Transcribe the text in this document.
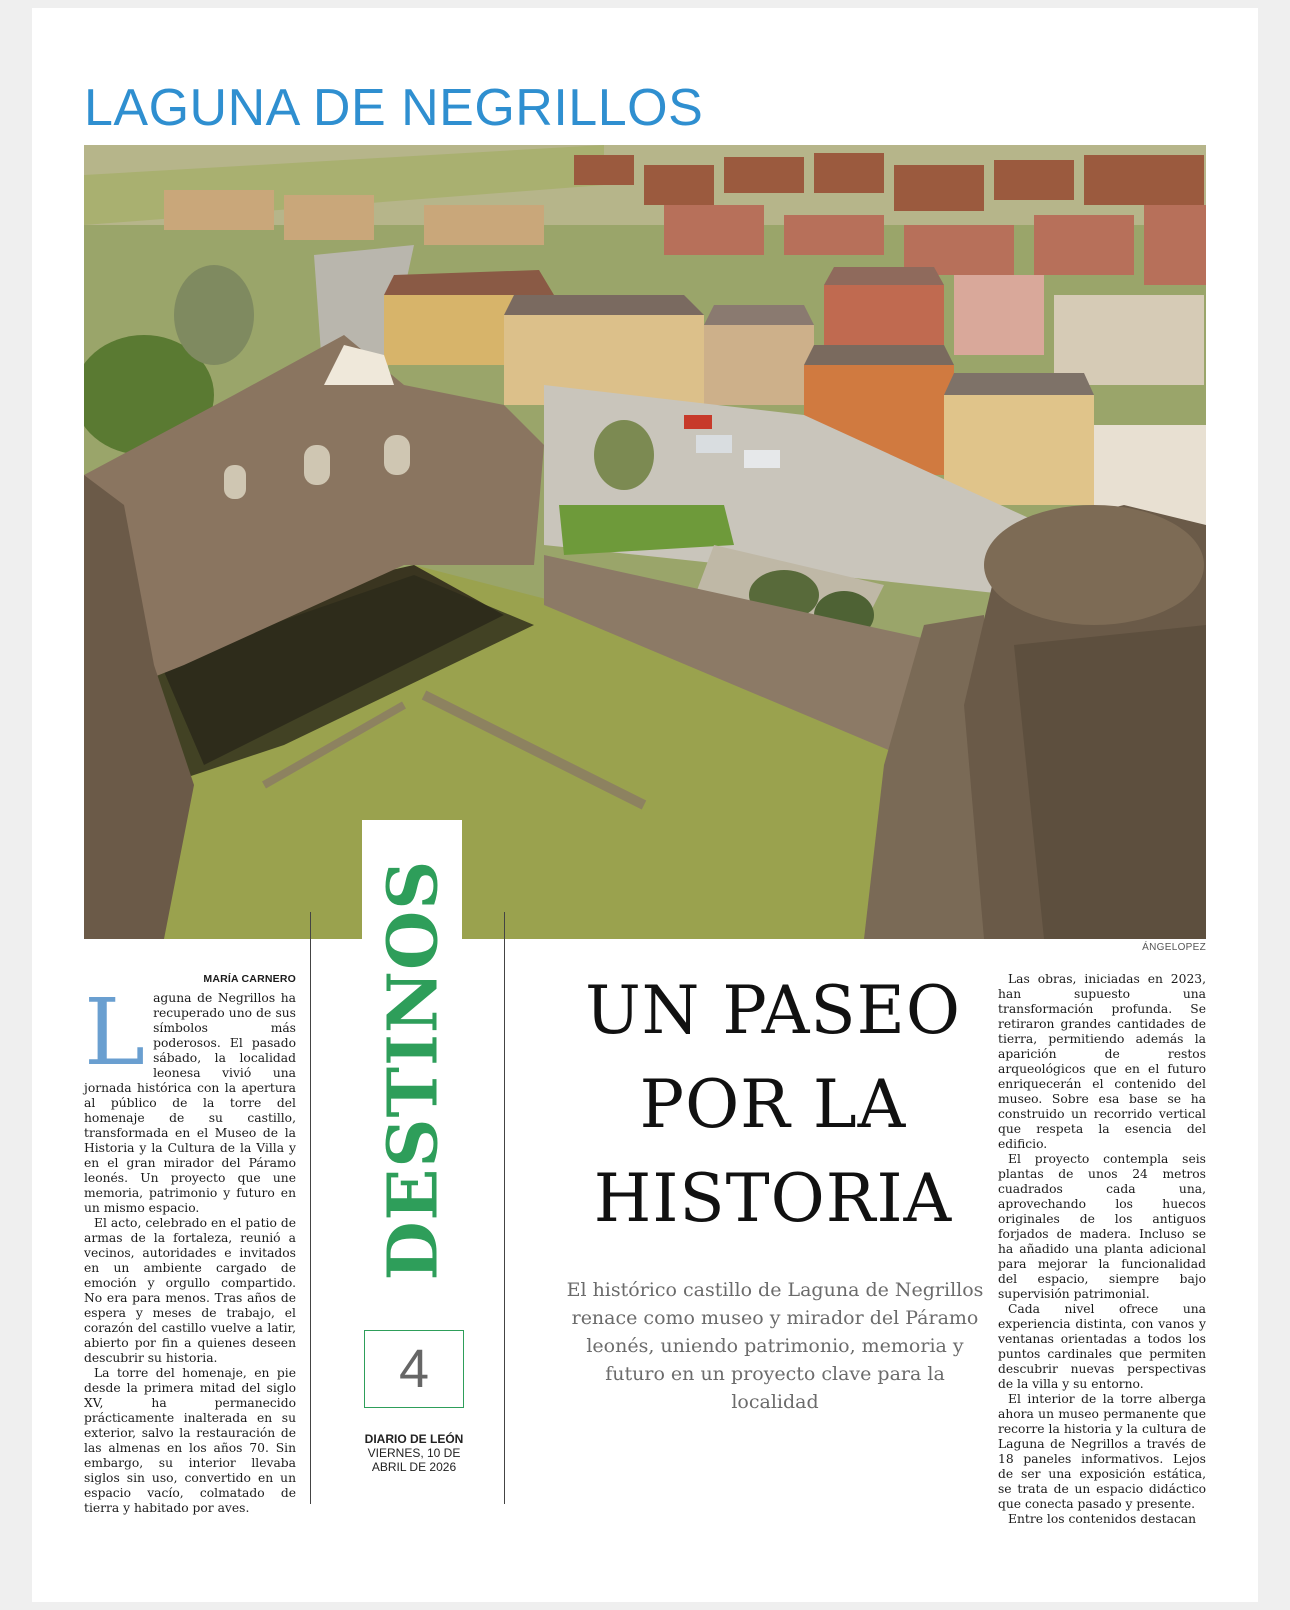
LAGUNA DE NEGRILLOS
ÁNGELOPEZ
MARÍA CARNERO

Laguna de Negrillos ha recuperado uno de sus símbolos más poderosos. El pasado sábado, la localidad leonesa vivió una jornada histórica con la apertura al público de la torre del homenaje de su castillo, transformada en el Museo de la Historia y la Cultura de la Villa y en el gran mirador del Páramo leonés. Un proyecto que une memoria, patrimonio y futuro en un mismo espacio.

El acto, celebrado en el patio de armas de la fortaleza, reunió a vecinos, autoridades e invitados en un ambiente cargado de emoción y orgullo compartido. No era para menos. Tras años de espera y meses de trabajo, el corazón del castillo vuelve a latir, abierto por fin a quienes deseen descubrir su historia.

La torre del homenaje, en pie desde la primera mitad del siglo XV, ha permanecido prácticamente inalterada en su exterior, salvo la restauración de las almenas en los años 70. Sin embargo, su interior llevaba siglos sin uso, convertido en un espacio vacío, colmatado de tierra y habitado por aves.

DESTINOS
4
DIARIO DE LEÓN
VIERNES, 10 DE ABRIL DE 2026
UN PASEO
POR LA
HISTORIA
El histórico castillo de Laguna de Negrillos renace como museo y mirador del Páramo leonés, uniendo patrimonio, memoria y futuro en un proyecto clave para la localidad

Las obras, iniciadas en 2023, han supuesto una transformación profunda. Se retiraron grandes cantidades de tierra, permitiendo además la aparición de restos arqueológicos que en el futuro enriquecerán el contenido del museo. Sobre esa base se ha construido un recorrido vertical que respeta la esencia del edificio.

El proyecto contempla seis plantas de unos 24 metros cuadrados cada una, aprovechando los huecos originales de los antiguos forjados de madera. Incluso se ha añadido una planta adicional para mejorar la funcionalidad del espacio, siempre bajo supervisión patrimonial.

Cada nivel ofrece una experiencia distinta, con vanos y ventanas orientadas a todos los puntos cardinales que permiten descubrir nuevas perspectivas de la villa y su entorno.

El interior de la torre alberga ahora un museo permanente que recorre la historia y la cultura de Laguna de Negrillos a través de 18 paneles informativos. Lejos de ser una exposición estática, se trata de un espacio didáctico que conecta pasado y presente.

Entre los contenidos destacan
